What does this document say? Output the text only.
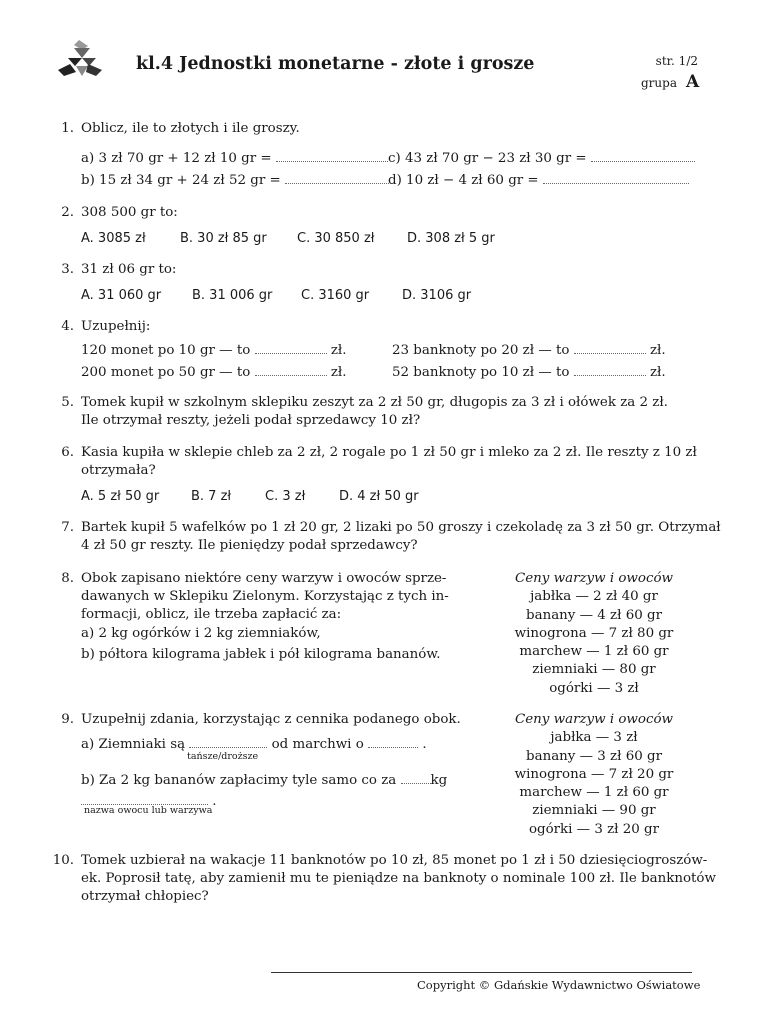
kl.4 Jednostki monetarne - złote i grosze	str. 1/2
grupa A
1. Oblicz, ile to złotych i ile groszy.
a) 3 zł 70 gr + 12 zł 10 gr =
b) 15 zł 34 gr + 24 zł 52 gr =
c) 43 zł 70 gr − 23 zł 30 gr =
d) 10 zł − 4 zł 60 gr =
2. 308 500 gr to:
A. 3085 zł	B. 30 zł 85 gr C. 30 850 zł	D. 308 zł 5 gr
3. 31 zł 06 gr to:
A. 31 060 gr B. 31 006 gr C. 3160 gr	D. 3106 gr
4. Uzupełnij:
120 monet po 10 gr — to	zł.
200 monet po 50 gr — to	zł.
23 banknoty po 20 zł — to	zł.
52 banknoty po 10 zł — to	zł.
5. Tomek kupił w szkolnym sklepiku zeszyt za 2 zł 50 gr, długopis za 3 zł i ołówek za 2 zł.
Ile otrzymał reszty, jeżeli podał sprzedawcy 10 zł?
6. Kasia kupiła w sklepie chleb za 2 zł, 2 rogale po 1 zł 50 gr i mleko za 2 zł. Ile reszty z 10 zł
otrzymała?
A. 5 zł 50 gr B. 7 zł	C. 3 zł	D. 4 zł 50 gr
7. Bartek kupił 5 wafelków po 1 zł 20 gr, 2 lizaki po 50 groszy i czekoladę za 3 zł 50 gr. Otrzymał
4 zł 50 gr reszty. Ile pieniędzy podał sprzedawcy?
8. Obok zapisano niektóre ceny warzyw i owoców sprze-
dawanych w Sklepiku Zielonym. Korzystając z tych in-
formacji, oblicz, ile trzeba zapłacić za:
a) 2 kg ogórków i 2 kg ziemniaków,
b) półtora kilograma jabłek i pół kilograma bananów.
Ceny warzyw i owoców
jabłka — 2 zł 40 gr
banany — 4 zł 60 gr
winogrona — 7 zł 80 gr
marchew — 1 zł 60 gr
ziemniaki — 80 gr
ogórki — 3 zł
9. Uzupełnij zdania, korzystając z cennika podanego obok.
a) Ziemniaki są	od marchwi o	.
tańsze/droższe
b) Za 2 kg bananów zapłacimy tyle samo co za	kg
.
nazwa owocu lub warzywa
Ceny warzyw i owoców
jabłka — 3 zł
banany — 3 zł 60 gr
winogrona — 7 zł 20 gr
marchew — 1 zł 60 gr
ziemniaki — 90 gr
ogórki — 3 zł 20 gr
10. Tomek uzbierał na wakacje 11 banknotów po 10 zł, 85 monet po 1 zł i 50 dziesięciogroszów-
ek. Poprosił tatę, aby zamienił mu te pieniądze na banknoty o nominale 100 zł. Ile banknotów
otrzymał chłopiec?
Copyright © Gdańskie Wydawnictwo Oświatowe
